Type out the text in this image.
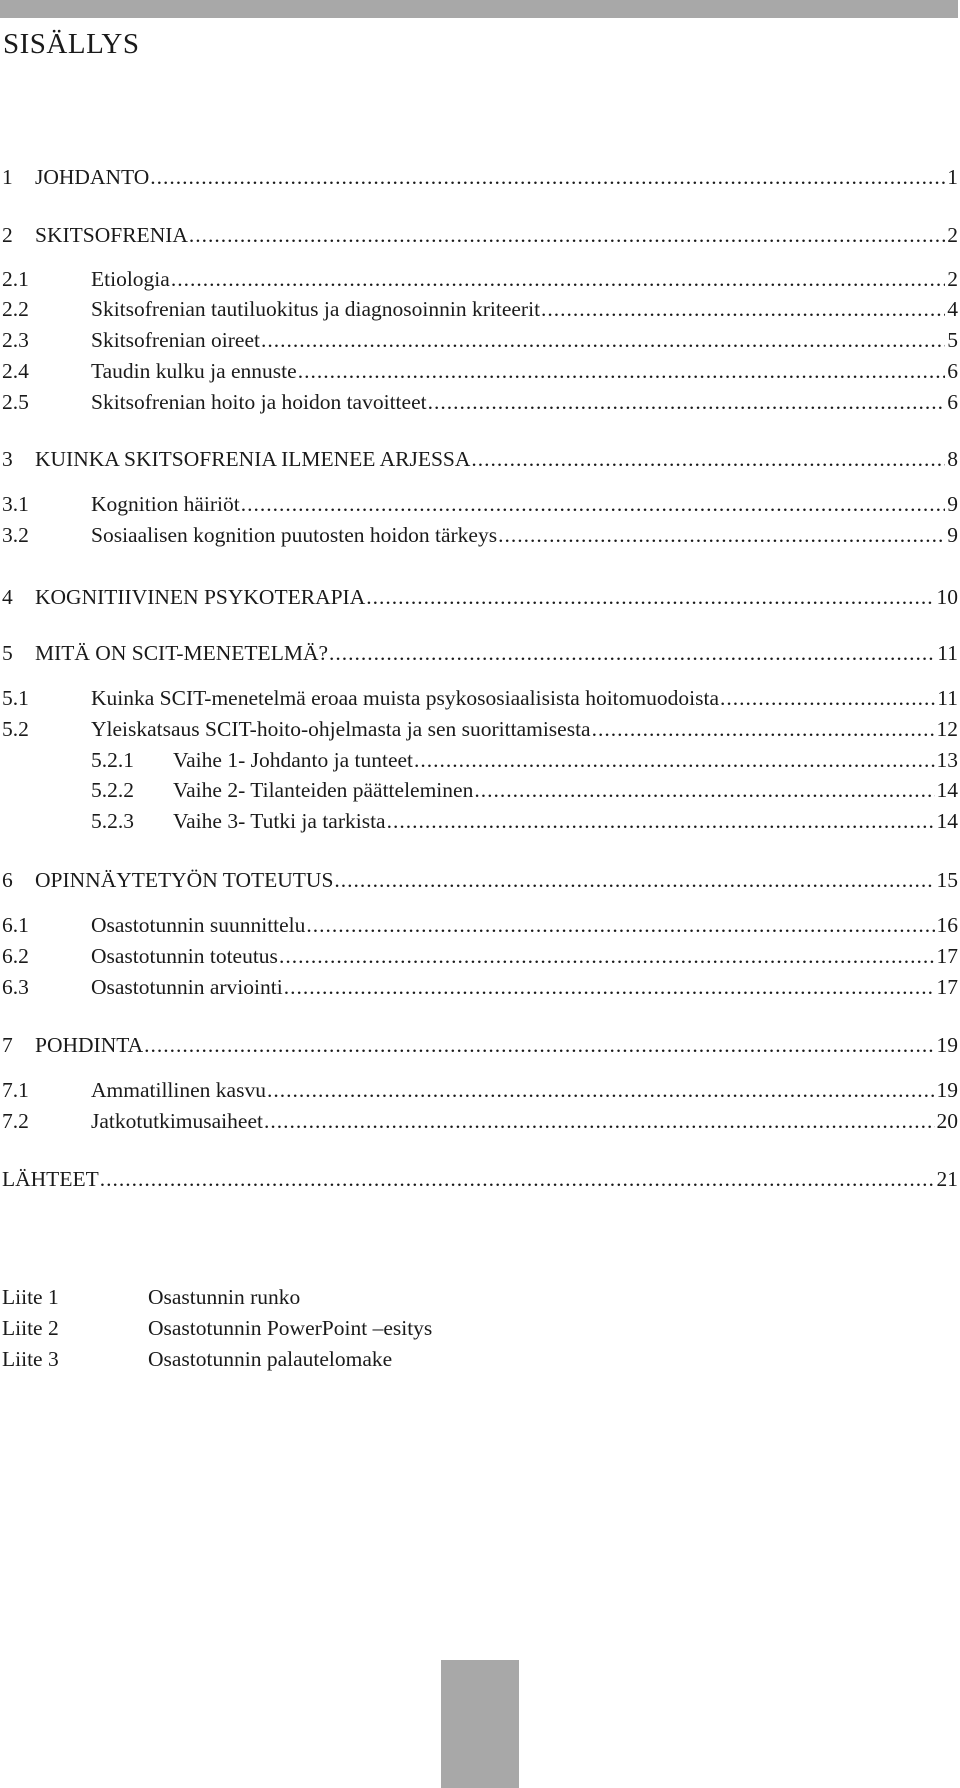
SISÄLLYS
1 JOHDANTO .....	1
2 SKITSOFRENIA .....	2
2.1	Etiologia .....	2
2.2	Skitsofrenian tautiluokitus ja diagnosoinnin kriteerit .....	4
2.3	Skitsofrenian oireet .....	5
2.4	Taudin kulku ja ennuste .....	6
2.5	Skitsofrenian hoito ja hoidon tavoitteet .....	6
3 KUINKA SKITSOFRENIA ILMENEE ARJESSA .....	8
3.1	Kognition häiriöt .....	9
3.2	Sosiaalisen kognition puutosten hoidon tärkeys .....	9
4 KOGNITIIVINEN PSYKOTERAPIA .....	10
5 MITÄ ON SCIT-MENETELMÄ? .....	11
5.1	Kuinka SCIT-menetelmä eroaa muista psykososiaalisista hoitomuodoista .....	11
5.2	Yleiskatsaus SCIT-hoito-ohjelmasta ja sen suorittamisesta .....	12
5.2.1 Vaihe 1- Johdanto ja tunteet .....	13
5.2.2 Vaihe 2- Tilanteiden päätteleminen .....	14
5.2.3 Vaihe 3- Tutki ja tarkista .....	14
6 OPINNÄYTETYÖN TOTEUTUS .....	15
6.1	Osastotunnin suunnittelu .....	16
6.2	Osastotunnin toteutus .....	17
6.3	Osastotunnin arviointi .....	17
7 POHDINTA .....	19
7.1	Ammatillinen kasvu .....	19
7.2	Jatkotutkimusaiheet .....	20
LÄHTEET .....	21
Liite 1	Osastunnin runko
Liite 2	Osastotunnin PowerPoint –esitys
Liite 3	Osastotunnin palautelomake
